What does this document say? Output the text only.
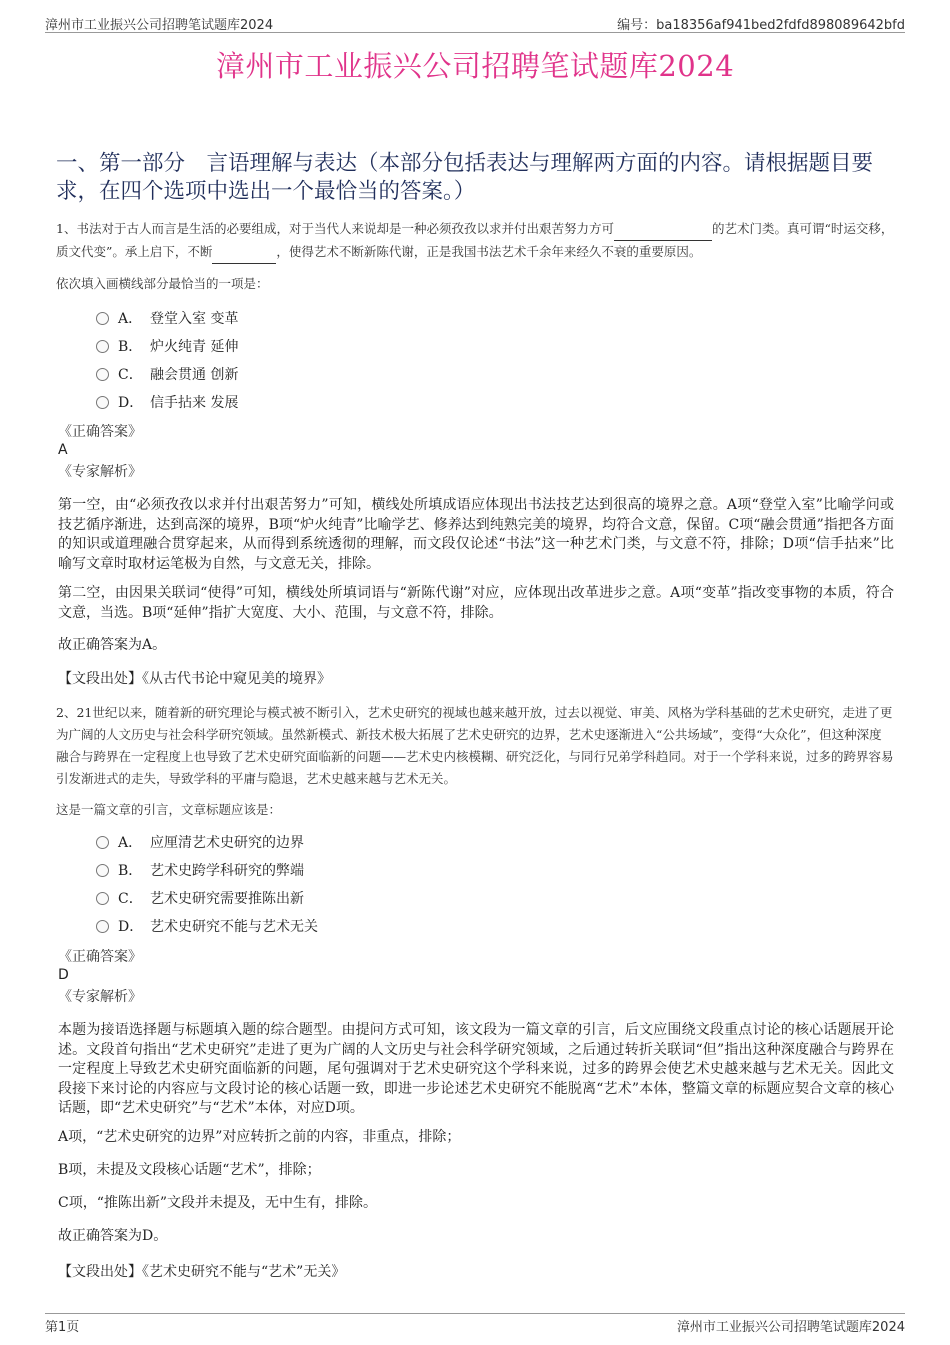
漳州市工业振兴公司招聘笔试题库2024	编号：ba18356af941bed2fdfd898089642bfd
漳州市工业振兴公司招聘笔试题库2024
一、第一部分　言语理解与表达（本部分包括表达与理解两方面的内容。请根据题目要求，在四个选项中选出一个最恰当的答案。）
1、书法对于古人而言是生活的必要组成，对于当代人来说却是一种必须孜孜以求并付出艰苦努力方可	的艺术门类。真可谓“时运交移，质文代变”。承上启下，不断	，使得艺术不断新陈代谢，正是我国书法艺术千余年来经久不衰的重要原因。
依次填入画横线部分最恰当的一项是：
A． 登堂入室 变革
B． 炉火纯青 延伸
C． 融会贯通 创新
D． 信手拈来 发展
《正确答案》
A
《专家解析》
第一空，由“必须孜孜以求并付出艰苦努力”可知，横线处所填成语应体现出书法技艺达到很高的境界之意。A项“登堂入室”比喻学问或技艺循序渐进，达到高深的境界，B项“炉火纯青”比喻学艺、修养达到纯熟完美的境界，均符合文意，保留。C项“融会贯通”指把各方面的知识或道理融合贯穿起来，从而得到系统透彻的理解，而文段仅论述“书法”这一种艺术门类，与文意不符，排除；D项“信手拈来”比喻写文章时取材运笔极为自然，与文意无关，排除。
第二空，由因果关联词“使得”可知，横线处所填词语与“新陈代谢”对应，应体现出改革进步之意。A项“变革”指改变事物的本质，符合文意，当选。B项“延伸”指扩大宽度、大小、范围，与文意不符，排除。
故正确答案为A。
【文段出处】《从古代书论中窥见美的境界》
2、21世纪以来，随着新的研究理论与模式被不断引入，艺术史研究的视域也越来越开放，过去以视觉、审美、风格为学科基础的艺术史研究，走进了更为广阔的人文历史与社会科学研究领域。虽然新模式、新技术极大拓展了艺术史研究的边界，艺术史逐渐进入“公共场域”，变得“大众化”，但这种深度融合与跨界在一定程度上也导致了艺术史研究面临新的问题——艺术史内核模糊、研究泛化，与同行兄弟学科趋同。对于一个学科来说，过多的跨界容易引发渐进式的走失，导致学科的平庸与隐退，艺术史越来越与艺术无关。
这是一篇文章的引言，文章标题应该是：
A． 应厘清艺术史研究的边界
B． 艺术史跨学科研究的弊端
C． 艺术史研究需要推陈出新
D． 艺术史研究不能与艺术无关
《正确答案》
D
《专家解析》
本题为接语选择题与标题填入题的综合题型。由提问方式可知，该文段为一篇文章的引言，后文应围绕文段重点讨论的核心话题展开论述。文段首句指出“艺术史研究”走进了更为广阔的人文历史与社会科学研究领域，之后通过转折关联词“但”指出这种深度融合与跨界在一定程度上导致艺术史研究面临新的问题，尾句强调对于艺术史研究这个学科来说，过多的跨界会使艺术史越来越与艺术无关。因此文段接下来讨论的内容应与文段讨论的核心话题一致，即进一步论述艺术史研究不能脱离“艺术”本体，整篇文章的标题应契合文章的核心话题，即“艺术史研究”与“艺术”本体，对应D项。
A项，“艺术史研究的边界”对应转折之前的内容，非重点，排除；
B项，未提及文段核心话题“艺术”，排除；
C项，“推陈出新”文段并未提及，无中生有，排除。
故正确答案为D。
【文段出处】《艺术史研究不能与“艺术”无关》
第1页	漳州市工业振兴公司招聘笔试题库2024
